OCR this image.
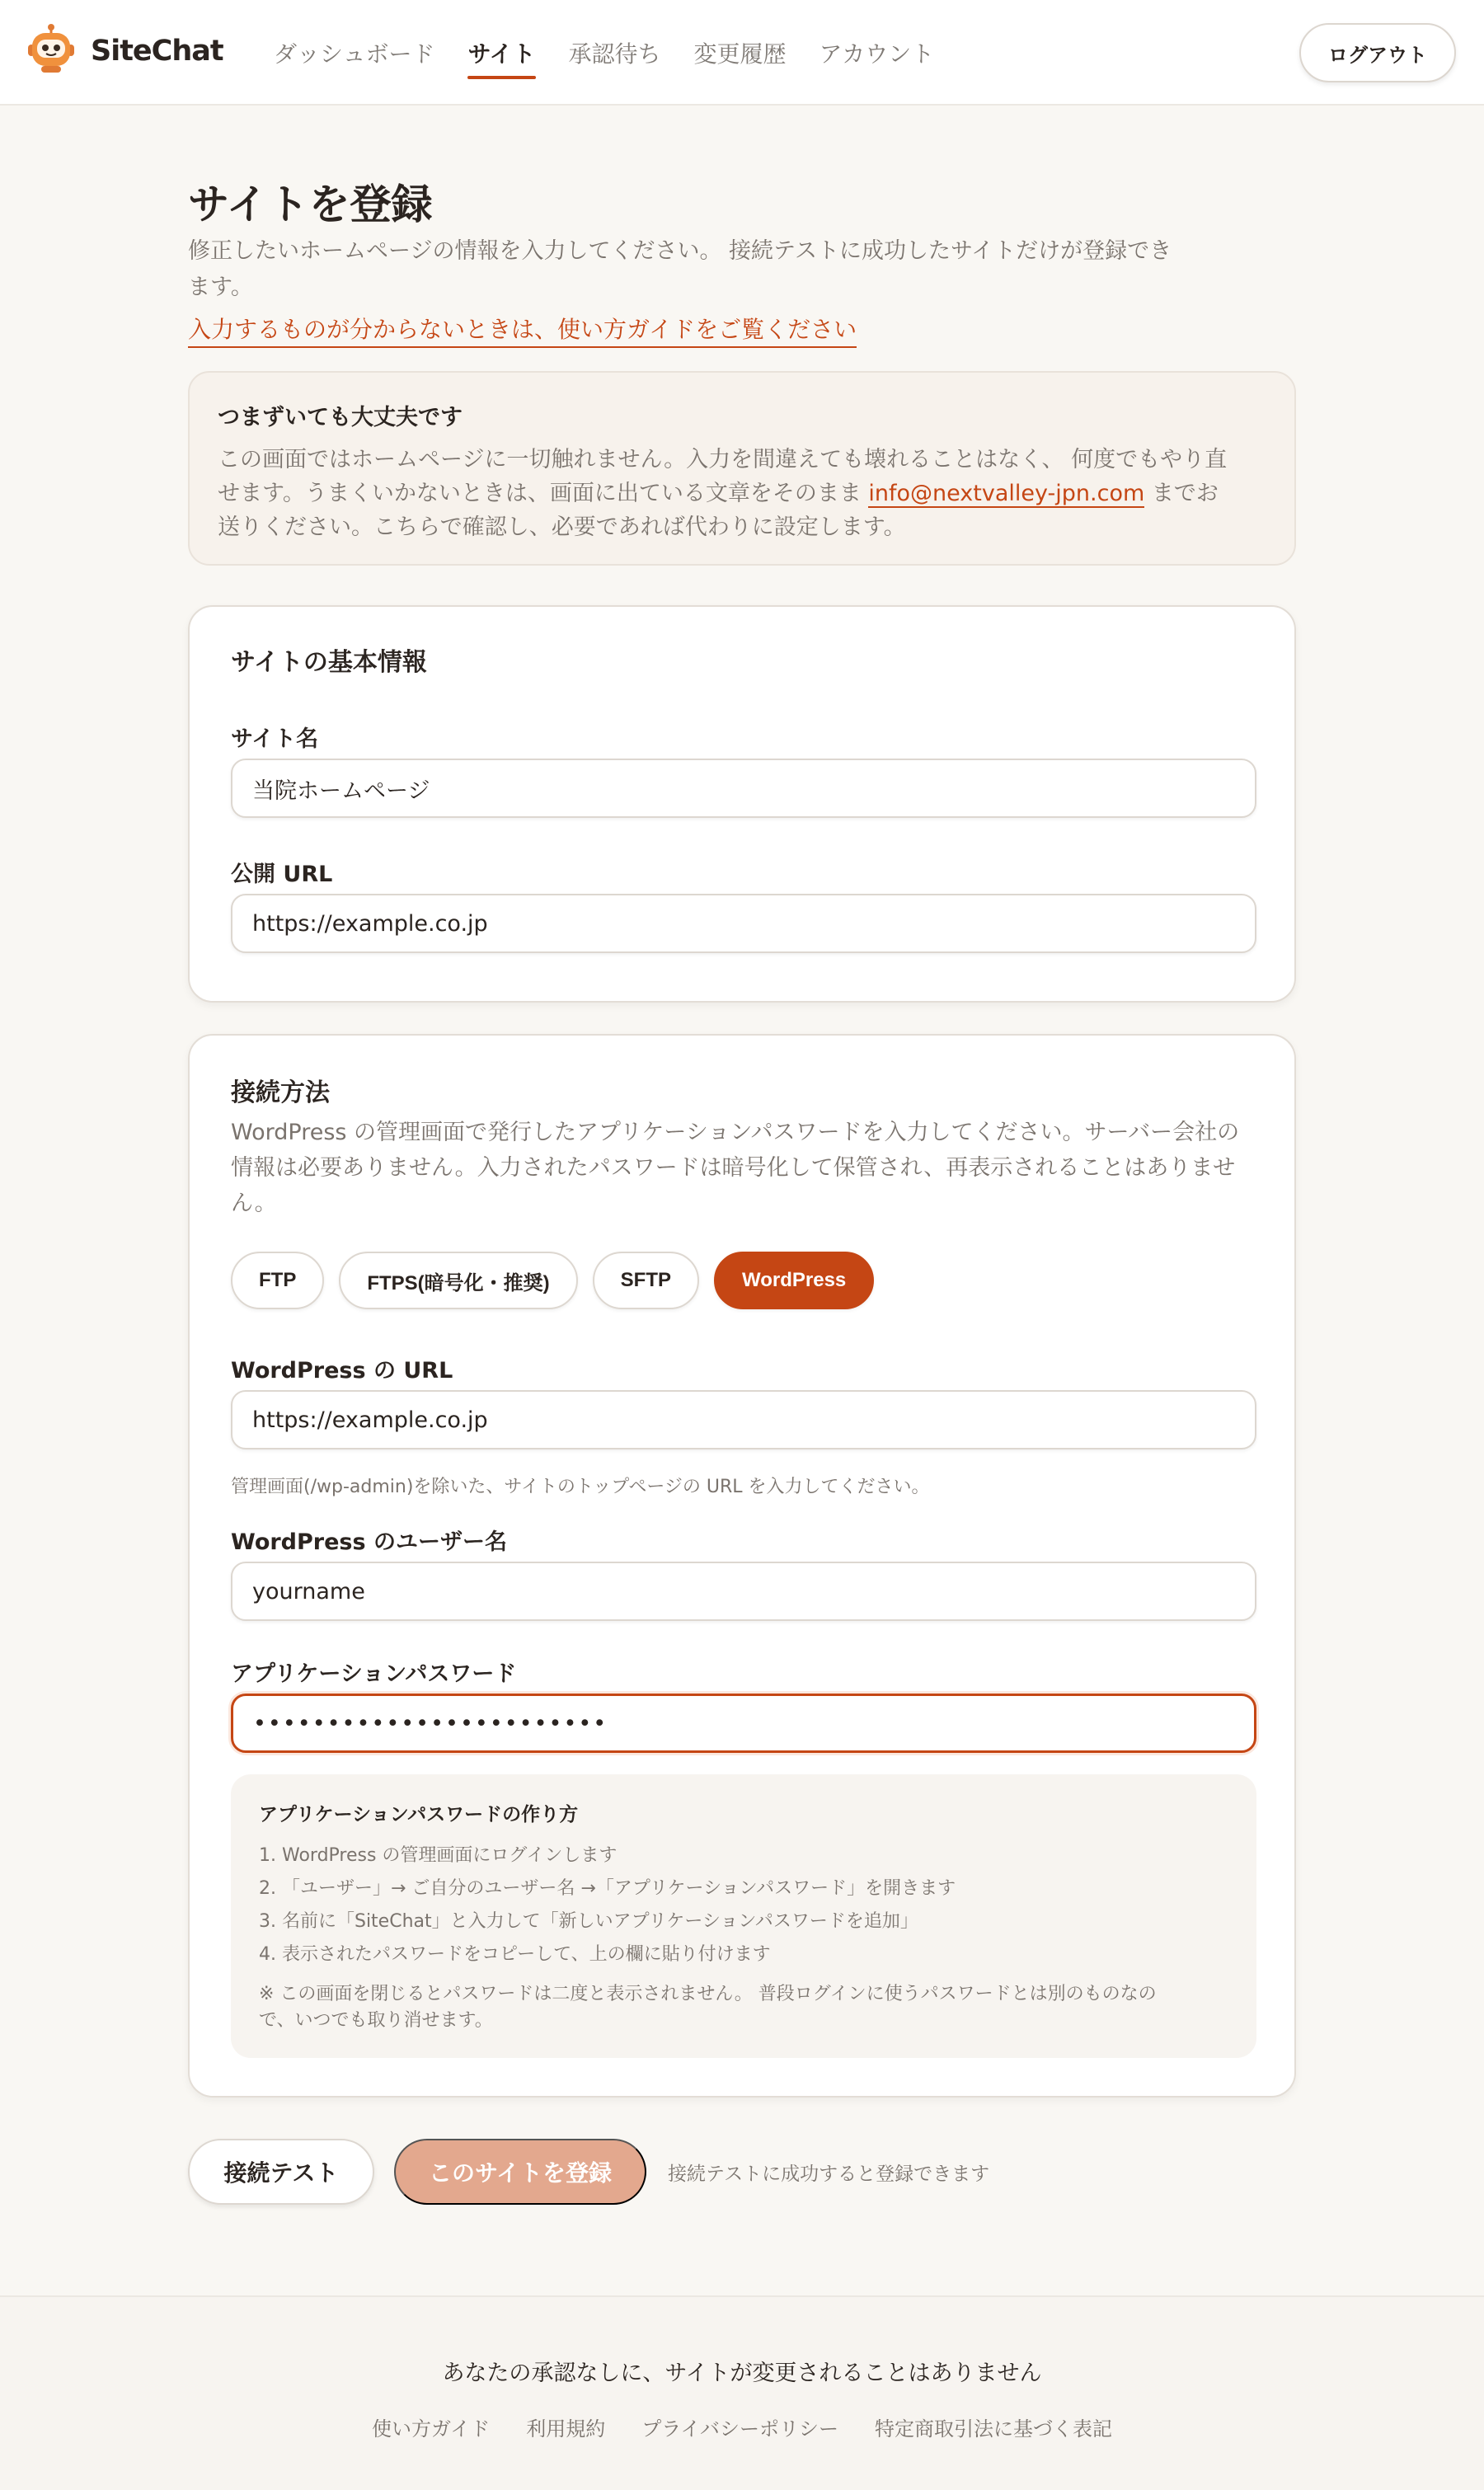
SiteChat ダッシュボード サイト 承認待ち 変更履歴 アカウント	ログアウト
サイトを登録

修正したいホームページの情報を入力してください。 接続テストに成功したサイトだけが登録できます。

入力するものが分からないときは、使い方ガイドをご覧ください
つまずいても大丈夫です
この画面ではホームページに一切触れません。入力を間違えても壊れることはなく、 何度でもやり直せます。うまくいかないときは、画面に出ている文章をそのまま info@nextvalley-jpn.com までお送りください。こちらで確認し、必要であれば代わりに設定します。
サイトの基本情報
サイト名
当院ホームページ
公開 URL
https://example.co.jp
接続方法

WordPress の管理画面で発行したアプリケーションパスワードを入力してください。サーバー会社の情報は必要ありません。入力されたパスワードは暗号化して保管され、再表示されることはありません。

FTP	FTPS(暗号化・推奨)	SFTP	WordPress
WordPress の URL
https://example.co.jp
管理画面(/wp-admin)を除いた、サイトのトップページの URL を入力してください。
WordPress のユーザー名
yourname
アプリケーションパスワード
••••••••••••••••••••••••
アプリケーションパスワードの作り方
1. WordPress の管理画面にログインします
2. 「ユーザー」→ ご自分のユーザー名 →「アプリケーションパスワード」を開きます
3. 名前に「SiteChat」と入力して「新しいアプリケーションパスワードを追加」
4. 表示されたパスワードをコピーして、上の欄に貼り付けます
※ この画面を閉じるとパスワードは二度と表示されません。 普段ログインに使うパスワードとは別のものなので、いつでも取り消せます。
接続テスト	このサイトを登録	接続テストに成功すると登録できます
あなたの承認なしに、サイトが変更されることはありません
使い方ガイド 利用規約 プライバシーポリシー 特定商取引法に基づく表記
